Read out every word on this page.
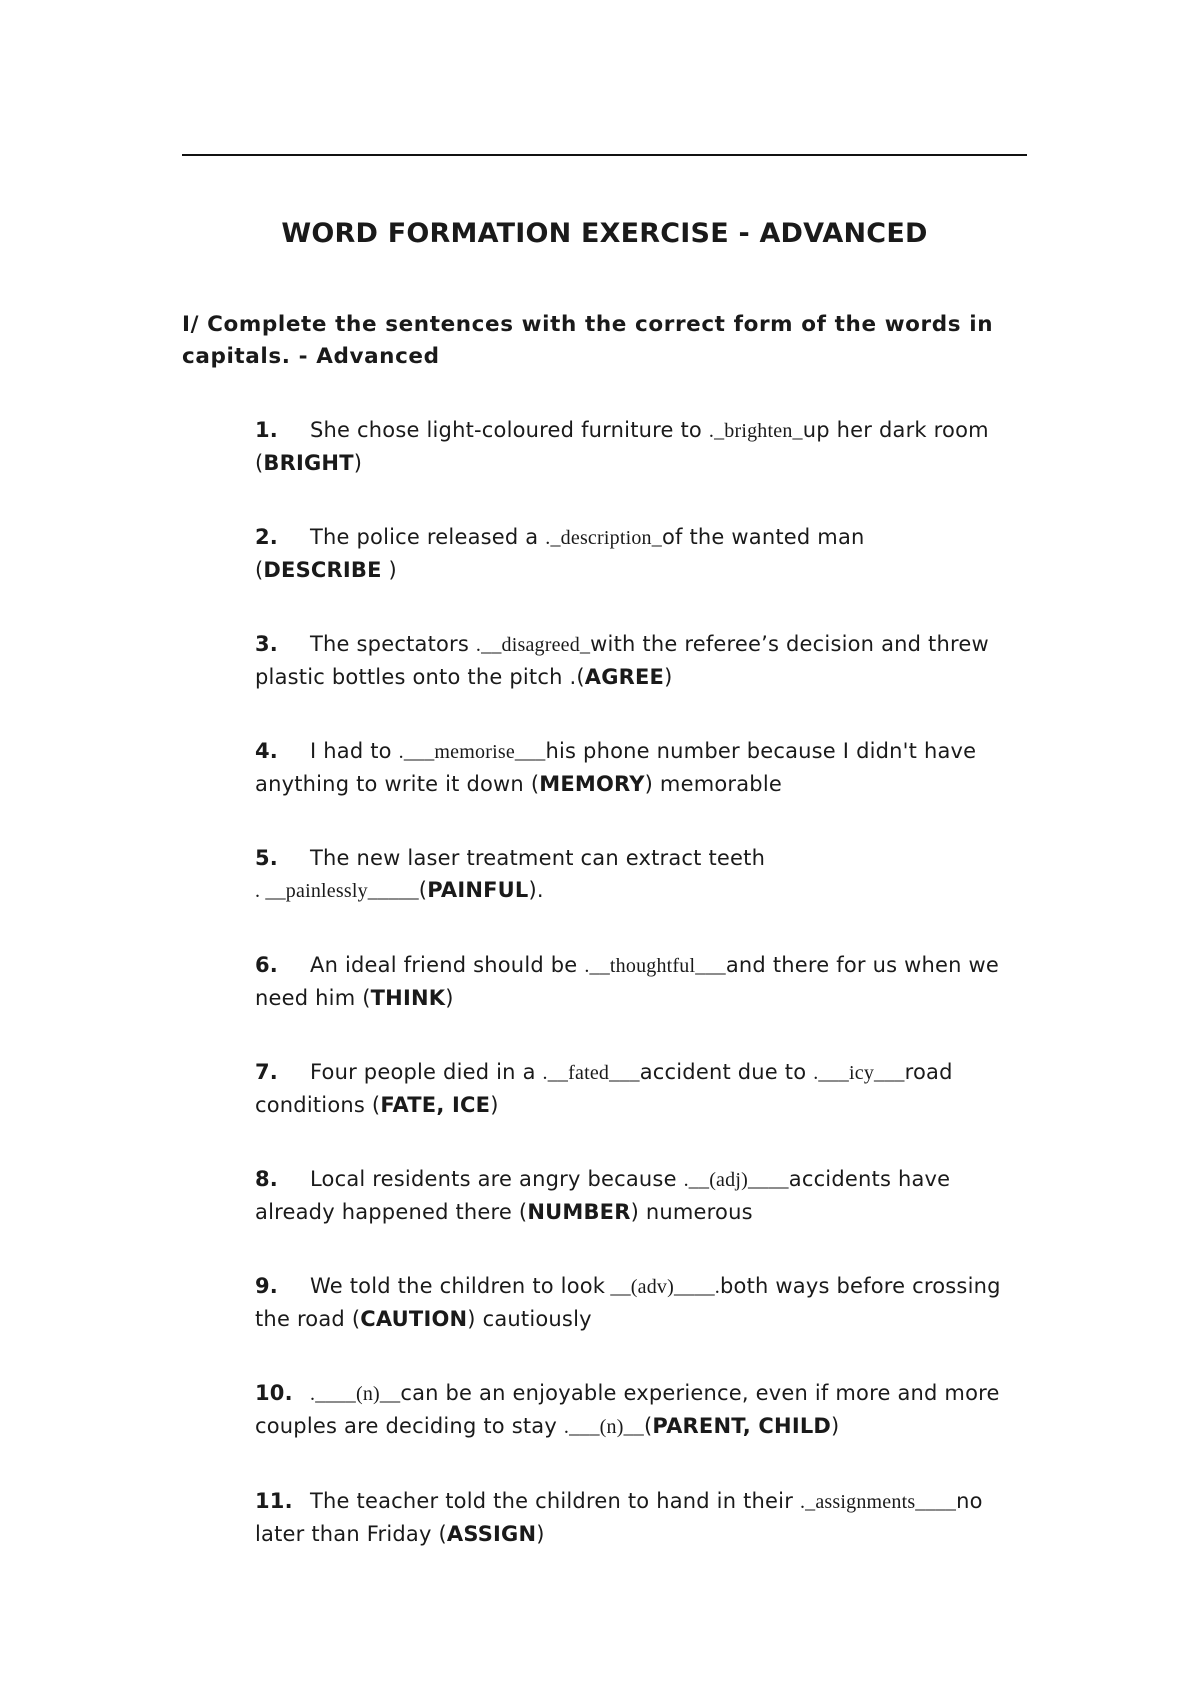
WORD FORMATION EXERCISE - ADVANCED

I/ Complete the sentences with the correct form of the words in capitals. - Advanced

1. She chose light-coloured furniture to ._brighten_up her dark room
(BRIGHT)
2. The police released a ._description_of the wanted man
(DESCRIBE )
3. The spectators .__disagreed_with the referee’s decision and threw plastic bottles onto the pitch .(AGREE)
4. I had to .___memorise___his phone number because I didn't have anything to write it down (MEMORY) memorable
5. The new laser treatment can extract teeth
. __painlessly_____(PAINFUL).
6. An ideal friend should be .__thoughtful___and there for us when we need him (THINK)
7. Four people died in a .__fated___accident due to .___icy___road conditions (FATE, ICE)
8. Local residents are angry because .__(adj)____accidents have already happened there (NUMBER) numerous
9. We told the children to look __(adv)____.both ways before crossing the road (CAUTION) cautiously
10. .____(n)__can be an enjoyable experience, even if more and more couples are deciding to stay .___(n)__(PARENT, CHILD)
11. The teacher told the children to hand in their ._assignments____no later than Friday (ASSIGN)
